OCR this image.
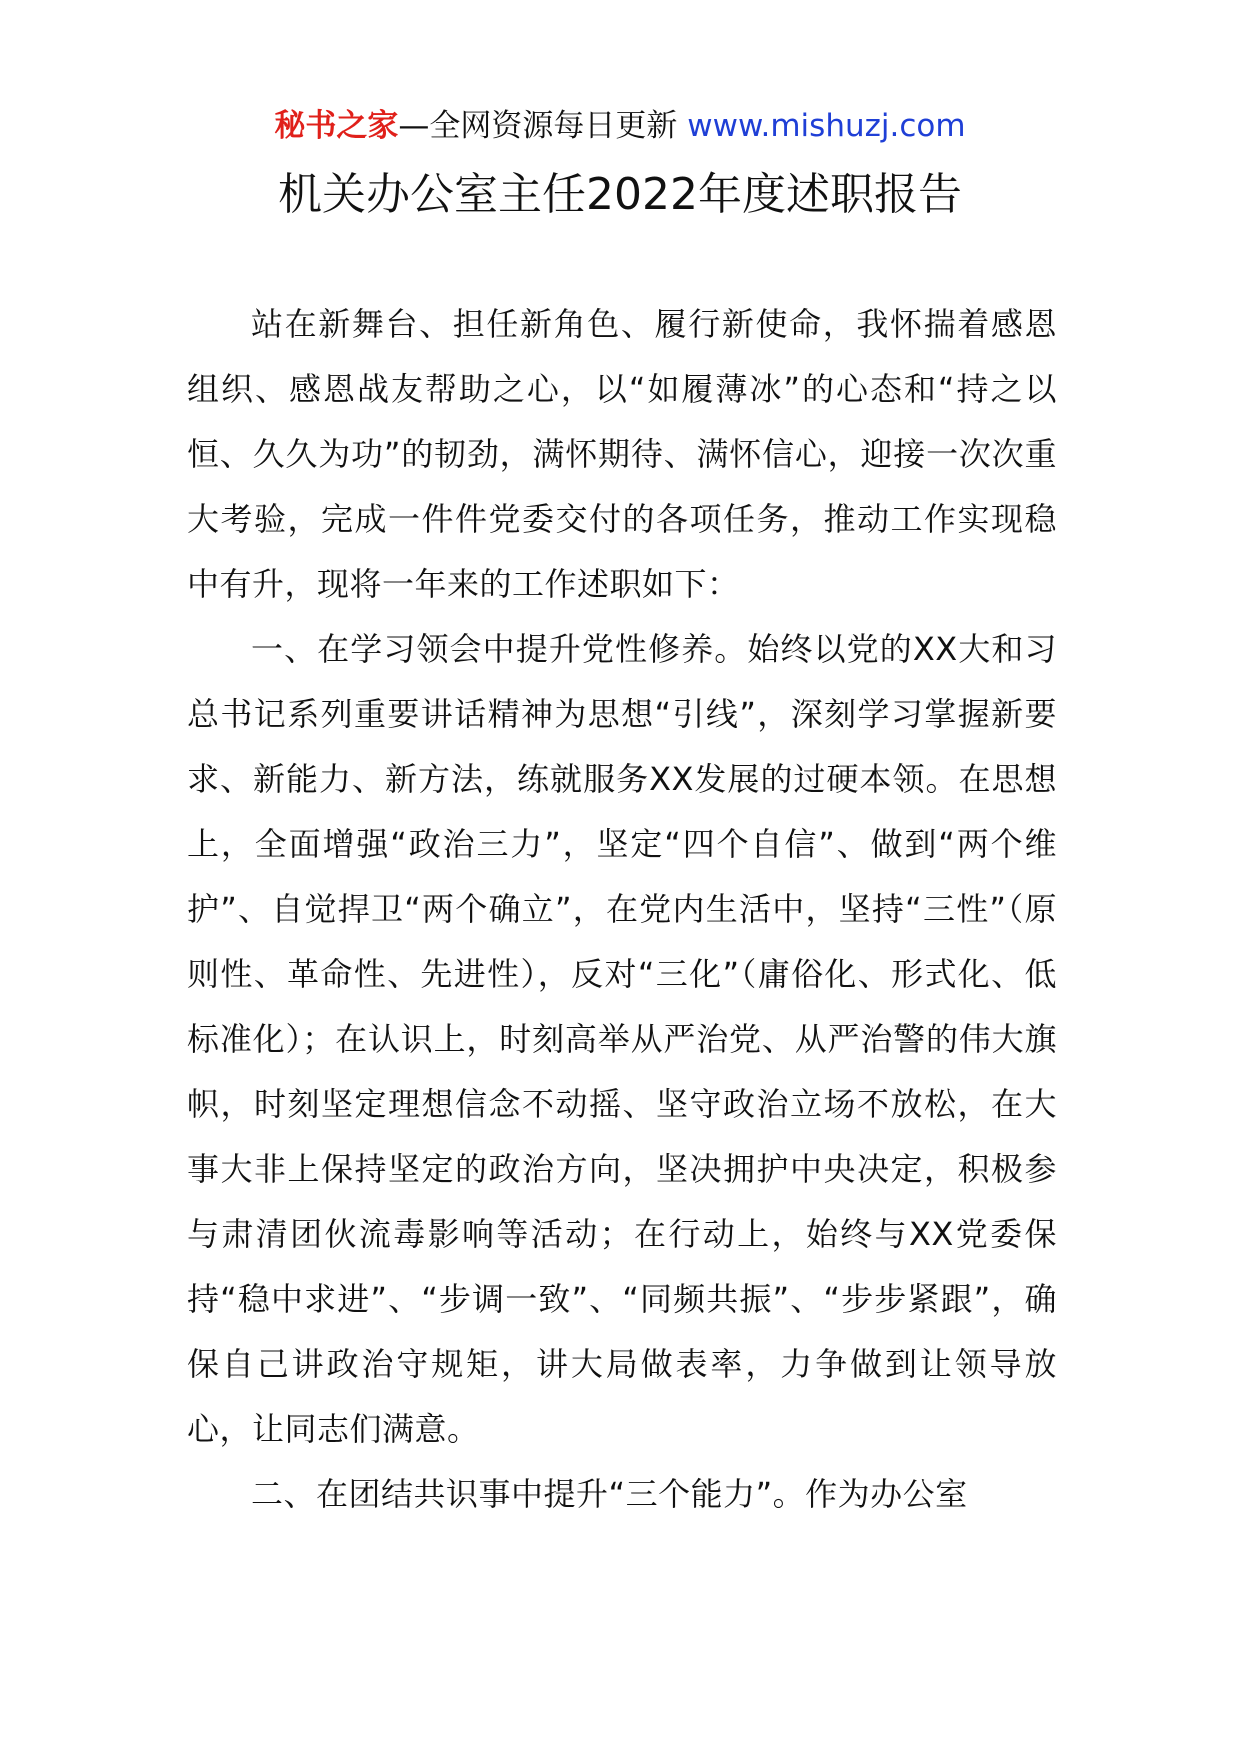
秘书之家—全网资源每日更新 www.mishuzj.com
机关办公室主任2022年度述职报告

站在新舞台、担任新角色、履行新使命，我怀揣着感恩组织、感恩战友帮助之心，以“如履薄冰”的心态和“持之以恒、久久为功”的韧劲，满怀期待、满怀信心，迎接一次次重大考验，完成一件件党委交付的各项任务，推动工作实现稳中有升，现将一年来的工作述职如下：

一、在学习领会中提升党性修养。始终以党的XX大和习总书记系列重要讲话精神为思想“引线”，深刻学习掌握新要求、新能力、新方法，练就服务XX发展的过硬本领。在思想上，全面增强“政治三力”，坚定“四个自信”、做到“两个维护”、自觉捍卫“两个确立”，在党内生活中，坚持“三性”（原则性、革命性、先进性），反对“三化”（庸俗化、形式化、低标准化）；在认识上，时刻高举从严治党、从严治警的伟大旗帜，时刻坚定理想信念不动摇、坚守政治立场不放松，在大事大非上保持坚定的政治方向，坚决拥护中央决定，积极参与肃清团伙流毒影响等活动；在行动上，始终与XX党委保持“稳中求进”、“步调一致”、“同频共振”、“步步紧跟”，确保自己讲政治守规矩，讲大局做表率，力争做到让领导放心，让同志们满意。

二、在团结共识事中提升“三个能力”。作为办公室
